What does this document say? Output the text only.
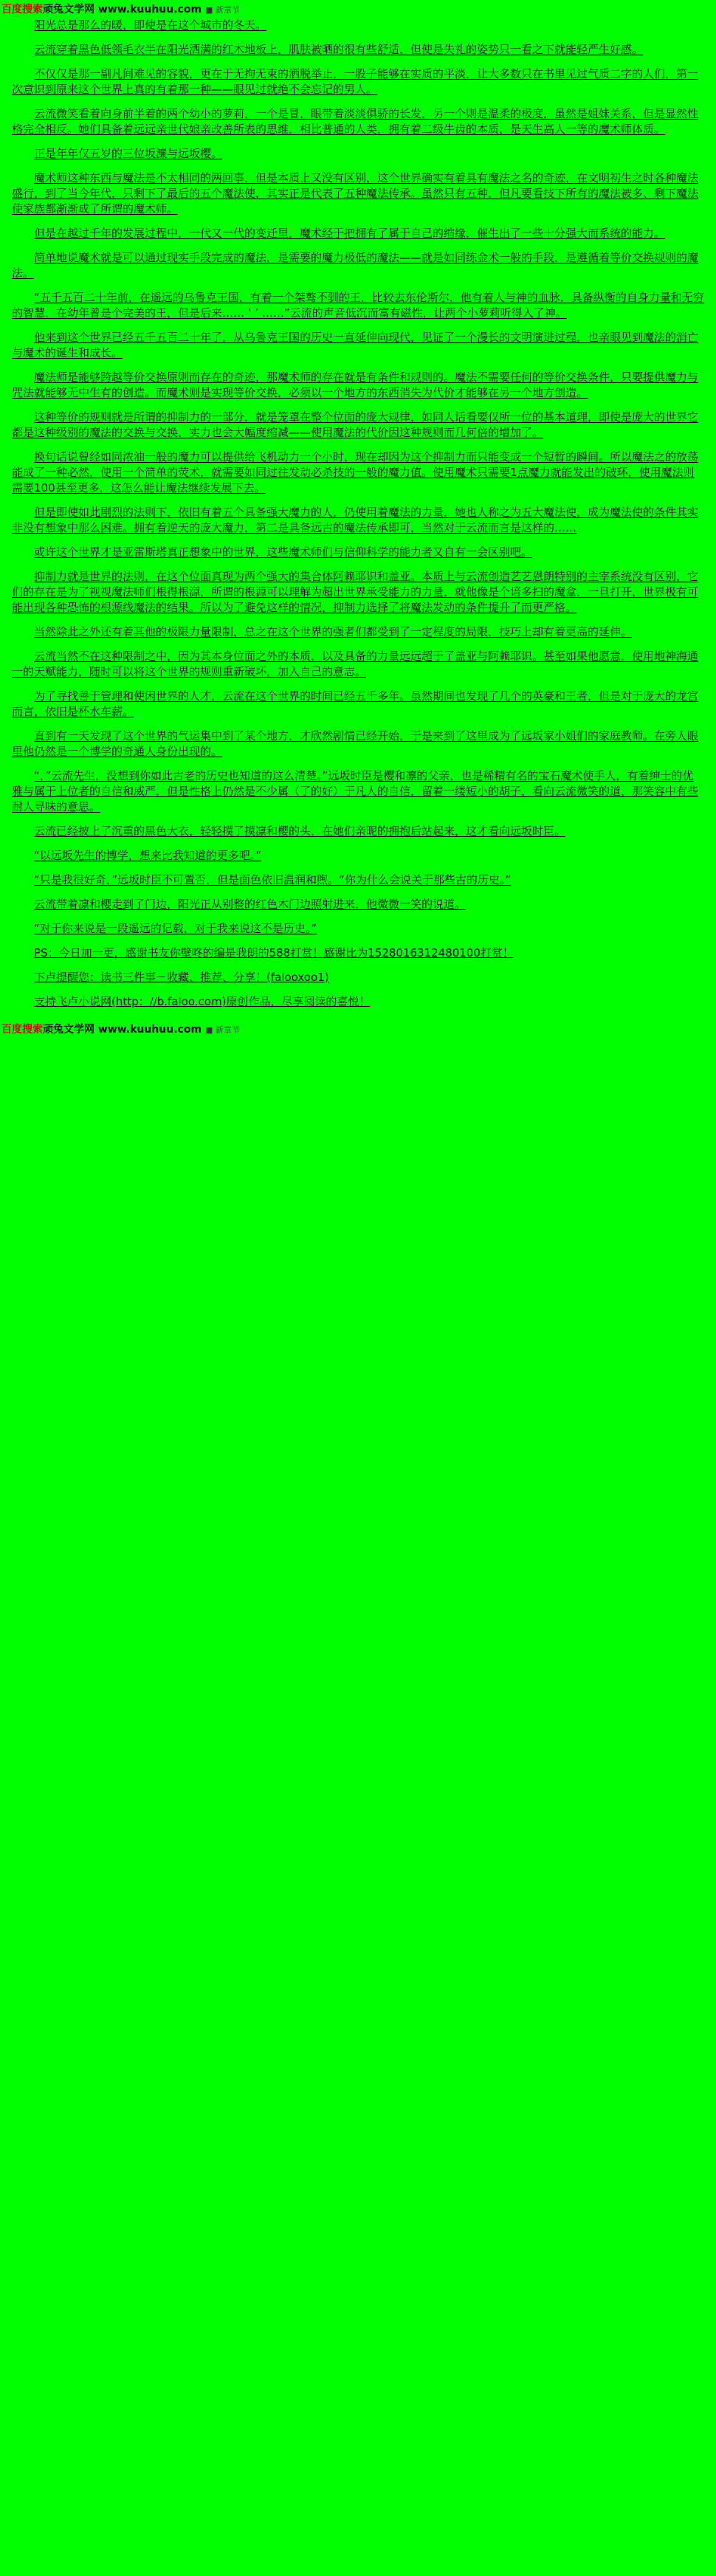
百度搜索顽兔文学网 www.kuuhuu.com ■ 新章节

阳光总是那么的暖，即使是在这个城市的冬天。

云流穿着黑色低领毛衣半在阳光洒满的红木地板上，肌肤被晒的很有些舒适，但使是失礼的姿势只一看之下就能轻严生好感。

不仅仅是那一副凡间难见的容貌，更在于无拘无束的洒脱举止，一股子能够在实质的平淡，让大多数只在书里见过气质二字的人们，第一次意识到原来这个世界上真的有着那一种——眼见过就绝不会忘记的男人。

云流微笑看着向身前半着的两个幼小的萝莉，一个是冒，眼带着淡淡俱骄的长发，另一个则是温柔的极度，虽然是姐妹关系，但是显然性格完全相反。她们具备着远远亲世代娘亲改善所表的思维，相比普通的人类，拥有着二级牛齿的本质，是天生高人一等的魔术师体质。

正是年年仅五岁的三位坂濂与远坂樱。

魔术师这种东西与魔法是不太相同的两回事，但是本质上又没有区别，这个世界确实有着具有魔法之名的奇迹，在文明初生之时各种魔法盛行，到了当今年代，只剩下了最后的五个魔法使，其实正是代表了五种魔法传承。虽然只有五种，但凡要看技下所有的魔法被多、剩下魔法使家族都渐渐成了所谓的魔术师。

但是在越过千年的发展过程中，一代又一代的变迁里，魔术经于把拥有了属于自己的缩缘，催生出了一些十分强大而系统的能力。

简单地说魔术就是可以通过现实手段完成的魔法，是需要的魔力极低的魔法——就是如同练金术一般的手段，是遵循着等价交换规则的魔法。

“五千五百二十年前，在遥远的乌鲁克王国，有着一个桀骜不驯的王，比较去东伦斯尔，他有着人与神的血脉，具备纵衡的自身力量和无穷的智慧，在幼年曾是个完美的王，但是后来…… ‘ ’ ……”云流的声音低沉而富有磁性，让两个小萝莉听得入了神。

他来到这个世界已经五千五百二十年了，从乌鲁克王国的历史一直延伸向现代，见证了一个漫长的文明演进过程，也亲眼见到魔法的消亡与魔术的诞生和成长。

魔法师是能够跨越等价交换原则而存在的奇迹，那魔术师的存在就是有条件和规则的。魔法不需要任何的等价交换条件，只要提供魔力与咒法就能够无中生有的创造。而魔术则是实现等价交换，必须以一个地方的东西消失为代价才能够在另一个地方创造。

这种等价的规则就是所谓的抑制力的一部分，就是笼罩在整个位面的庞大规律，如同人话看要仅所一位的基本道理，即使是庞大的世界它都是这种级别的魔法的交换与交换，实力也会大幅度缩减——使用魔法的代价因这种规则而几何倍的增加了。

换句话说曾经如同浓油一般的魔力可以提供给飞机动力一个小时，现在却因为这个抑制力而只能变成一个短暂的瞬间。所以魔法之的放荡能成了一种必然，使用一个简单的荧术，就需要如同过往发动必杀技的一般的魔力值。使用魔术只需要1点魔力就能发出的破环，使用魔法则需要100甚至更多，这怎么能让魔法继续发展下去。

但是即使如此剧烈的法则下，依旧有着五个具备强大魔力的人，仍使用着魔法的力量，她也人称之为五大魔法使，成为魔法使的条件其实非没有想象中那么困难。拥有着逆天的庞大魔力，第二是具备远古的魔法传承即可，当然对于云流而言是这样的……

或许这个世界才是亚雷斯塔真正想象中的世界，这些魔术师们与信仰科学的能力者又自有一会区别吧。

抑制力就是世界的法则，在这个位面真现为两个强大的集合体阿赖耶识和盖亚。本质上与云流创造艺艺恩朗特别的主宰系统没有区别，它们的存在是为了视视魔法师们根得根源，所谓的根源可以理解为超出世界承受能力的力量，就他像是个谙多扫的魔盒，一旦打开，世界极有可能出现各种恐怖的根源线魔法的结果。所以为了避免这样的情况，抑制力选择了将魔法发动的条件提升了而更严格。

当然除此之外还有着其他的极限力量限制，总之在这个世界的强者们都受到了一定程度的局限，技巧上却有着更高的延伸。

云流当然不在这种限制之中，因为其本身位面之外的本质，以及具备的力量远远超于了盖亚与阿赖耶识。甚至如果他愿意，使用地神海通一的天赋能力，随时可以将这个世界的规则重新破坏，加入自己的意志。

为了寻找善于管理和使闲世界的人才，云流在这个世界的时间已经五千多年。虽然期间也发现了几个的英豪和王者，但是对于庞大的龙宫而言，依旧是杯水车薪。

直到有一天发现了这个世界的气运集中到了某个地方，才欣然剧情已经开始，于是来到了这里成为了远坂家小姐们的家庭教师。在旁人眼里他仍然是一个博学的奇通人身份出现的。

“，”云流先生，没想到你如此古老的历史也知道的这么清楚。”远坂时臣是樱和凛的父亲，也是稀精有名的宝石魔术使手人，有着绅士的优雅与属于上位者的自信和威严，但是性格上仍然是不少属（了的好）于凡人的自信，留着一缕短小的胡子，看向云流微笑的道，那笑容中有些耐人寻味的意思。

云流已经披上了沉重的黑色大衣，轻轻摸了摸凛和樱的头，在她们亲昵的拥抱后站起来，这才看向远坂时臣。

“以远坂先生的博学，想来比我知道的更多吧。”

“只是我很好奇，”远坂时臣不可置否，但是面色依旧温润和煦。“你为什么会说关于那些古的历史。”

云流带着凛和樱走到了门边，阳光正从别整的红色木门边照射进来，他微微一笑的说道。

“对于你来说是一段遥远的记载，对于我来说这不是历史。”

PS：今日加一更，感谢书友你壁咚的编是我朗的588打赏！感谢比为1528016312480100打赏！

下卢提醒您：读书三件事－收藏、推荐、分享！(falooxoo1)

支持飞卢小说网(http：//b.faloo.com)原创作品，尽享阅读的喜悦！

百度搜索顽兔文学网 www.kuuhuu.com ■ 新章节
